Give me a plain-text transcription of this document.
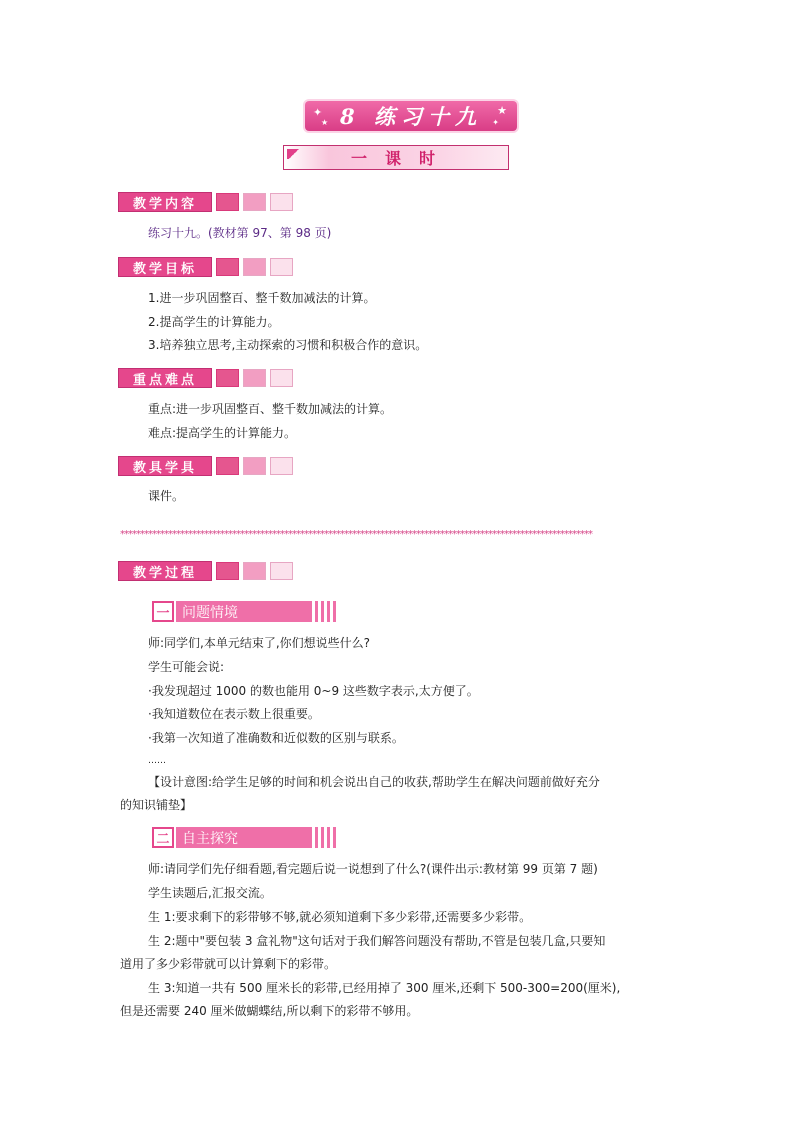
✦
★ 8 练习十九 ★
✦
一课时
教学内容
练习十九。(教材第 97、第 98 页)
教学目标
1.进一步巩固整百、整千数加减法的计算。
2.提高学生的计算能力。
3.培养独立思考,主动探索的习惯和积极合作的意识。
重点难点
重点:进一步巩固整百、整千数加减法的计算。
难点:提高学生的计算能力。
教具学具
课件。
**********************************************************************************************************************
教学过程
一 问题情境
师:同学们,本单元结束了,你们想说些什么?
学生可能会说:
·我发现超过 1000 的数也能用 0~9 这些数字表示,太方便了。
·我知道数位在表示数上很重要。
·我第一次知道了准确数和近似数的区别与联系。
……
【设计意图:给学生足够的时间和机会说出自己的收获,帮助学生在解决问题前做好充分
的知识铺垫】
二 自主探究
师:请同学们先仔细看题,看完题后说一说想到了什么?(课件出示:教材第 99 页第 7 题)
学生读题后,汇报交流。
生 1:要求剩下的彩带够不够,就必须知道剩下多少彩带,还需要多少彩带。
生 2:题中"要包装 3 盒礼物"这句话对于我们解答问题没有帮助,不管是包装几盒,只要知
道用了多少彩带就可以计算剩下的彩带。
生 3:知道一共有 500 厘米长的彩带,已经用掉了 300 厘米,还剩下 500-300=200(厘米),
但是还需要 240 厘米做蝴蝶结,所以剩下的彩带不够用。
